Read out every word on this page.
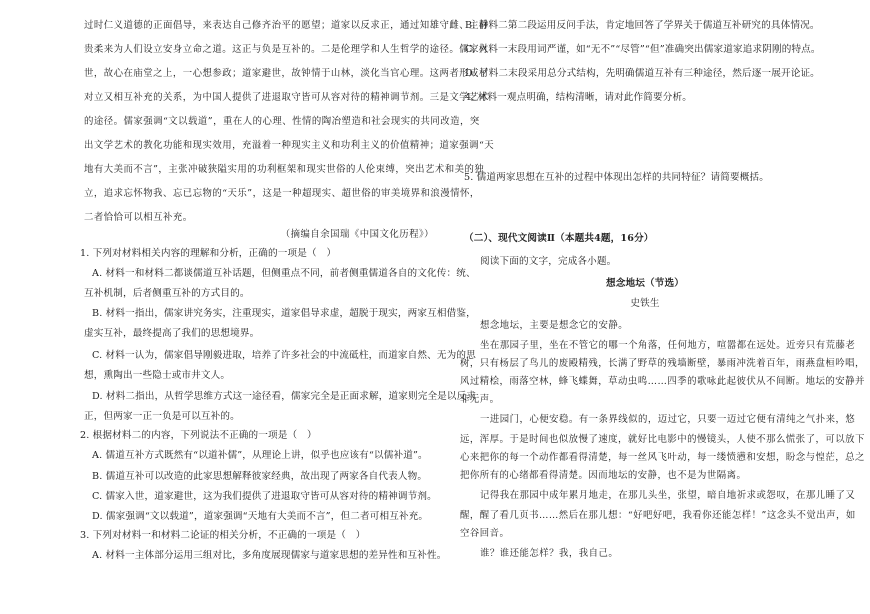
过时仁义道德的正面倡导，来表达自己修齐治平的愿望；道家以反求正，通过知雄守雌、主静
贵柔来为人们设立安身立命之道。这正与负是互补的。二是伦理学和人生哲学的途径。儒家入
世，故心在庙堂之上，一心想参政；道家避世，故钟情于山林，淡化当官心理。这两者形成了
对立又相互补充的关系，为中国人提供了进退取守皆可从容对待的精神调节剂。三是文学艺术
的途径。儒家强调“文以载道”，重在人的心理、性情的陶冶塑造和社会现实的共同改造，突
出文学艺术的教化功能和现实效用，充溢着一种现实主义和功利主义的价值精神；道家强调“天
地有大美而不言”，主张冲破狭隘实用的功利框架和现实世俗的人伦束缚，突出艺术和美的独
立，追求忘怀物我、忘已忘物的“天乐”，这是一种超现实、超世俗的审美境界和浪漫情怀，
二者恰恰可以相互补充。
（摘编自余国瑞《中国文化历程》）
1. 下列对材料相关内容的理解和分析，正确的一项是（　）
A. 材料一和材料二都谈儒道互补话题，但侧重点不同，前者侧重儒道各自的文化传：统、
互补机制，后者侧重互补的方式目的。
B. 材料一指出，儒家讲究务实，注重现实，道家倡导求虚，超脱于现实，两家互相借鉴，
虚实互补，最终提高了我们的思想境界。
C. 材料一认为，儒家倡导刚毅进取，培养了许多社会的中流砥柱，而道家自然、无为的思
想，熏陶出一些隐士或市井文人。
D. 材料二指出，从哲学思维方式这一途径看，儒家完全是正面求解，道家则完全是以反求
正，但两家一正一负是可以互补的。
2. 根据材料二的内容，下列说法不正确的一项是（　）
A. 儒道互补方式既然有“以道补儒”，从理论上讲，似乎也应该有“以儒补道”。
B. 儒道互补可以改造的此家思想解释彼家经典，故出现了两家各自代表人物。
C. 儒家入世，道家避世，这为我们提供了进退取守皆可从容对待的精神调节剂。
D. 儒家强调“文以载道”，道家强调“天地有大美而不言”，但二者可相互补充。
3. 下列对材料一和材料二论证的相关分析，不正确的一项是（　）
A. 材料一主体部分运用三组对比，多角度展现儒家与道家思想的差异性和互补性。
B. 材料二第二段运用反问手法，肯定地回答了学界关于儒道互补研究的具体情况。
C. 材料一末段用词严谨，如“无不”“尽管”“但”准确突出儒家道家追求阴刚的特点。
D. 材料二末段采用总分式结构，先明确儒道互补有三种途径，然后逐一展开论证。
4. 材料一观点明确，结构清晰，请对此作简要分析。
5. 儒道两家思想在互补的过程中体现出怎样的共同特征？请简要概括。
（二）、现代文阅读Ⅱ（本题共4题，16分）
阅读下面的文字，完成各小题。
想念地坛（节选）
史铁生
想念地坛，主要是想念它的安静。
坐在那园子里，坐在不管它的哪一个角落，任何地方，喧嚣都在远处。近旁只有荒藤老
树，只有杨层了鸟儿的废殿精残，长满了野草的残墙断壁，暴雨冲洗着百年，雨燕盘桓吟唱，
风过精桧，雨落空林，蜂飞蝶舞，草动虫鸣……四季的歌咏此起彼伏从不间断。地坛的安静并
非无声。
一进园门，心便安稳。有一条界线似的，迈过它，只要一迈过它便有清纯之气扑来，悠
远，浑厚。于是时间也似放慢了速度，就好比电影中的慢镜头，人使不那么慌张了，可以放下
心来把你的每一个动作都看得清楚，每一丝风飞叶动，每一缕愤懑和安想，盼念与惶茫，总之
把你所有的心绪都看得清楚。因而地坛的安静，也不是为世隔离。
记得我在那园中成年累月地走，在那儿头坐，张望，暗自地祈求或怨叹，在那儿睡了又
醒，醒了看几页书……然后在那儿想：“好吧好吧，我看你还能怎样！”这念头不觉出声，如
空谷回音。
谁？谁还能怎样？我，我自己。
